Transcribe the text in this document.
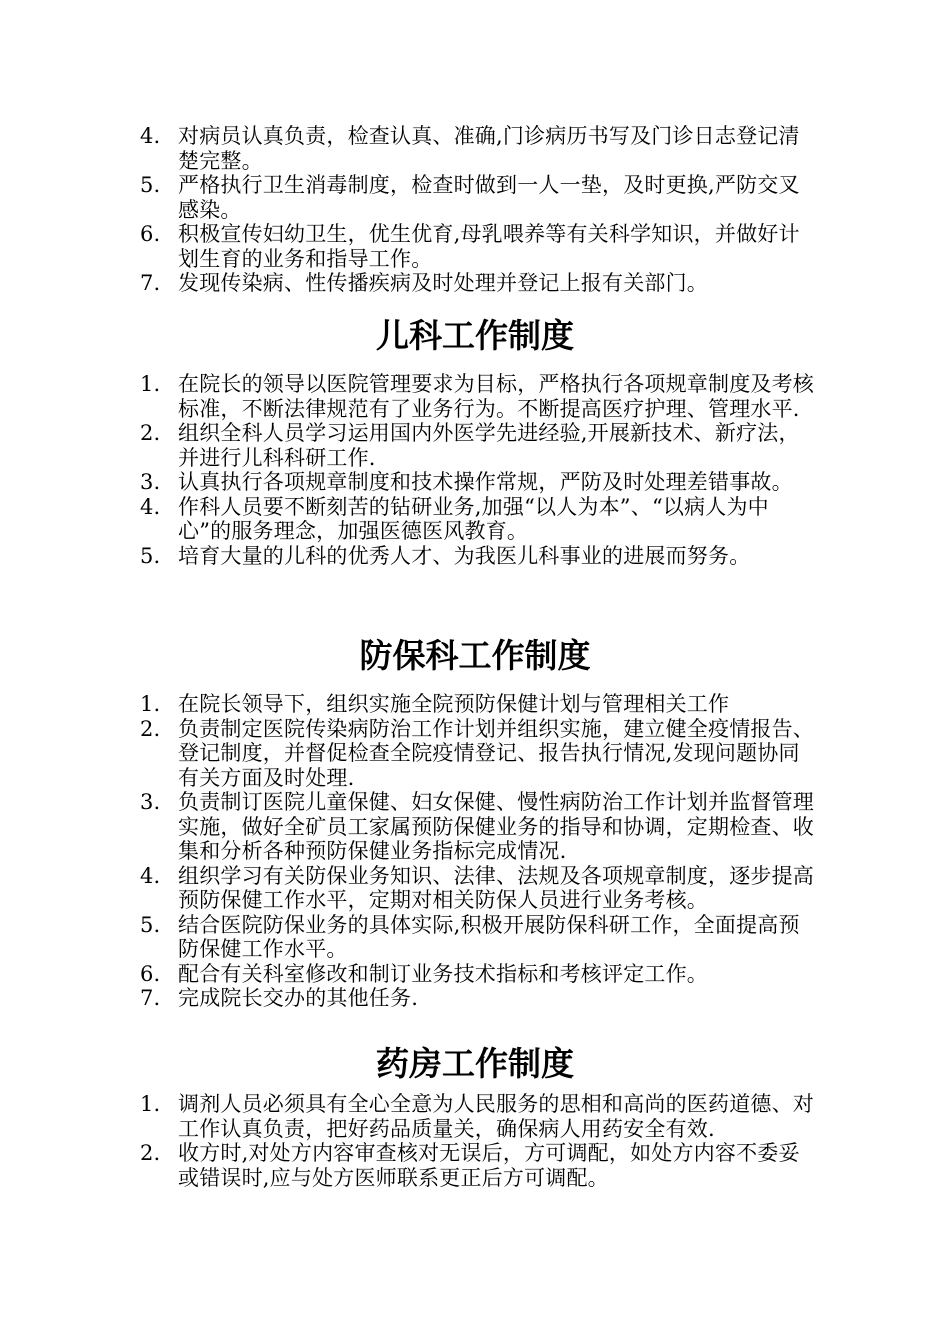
4. 对病员认真负责，检查认真、准确,门诊病历书写及门诊日志登记清楚完整。
5. 严格执行卫生消毒制度，检查时做到一人一垫，及时更换,严防交叉感染。
6. 积极宣传妇幼卫生，优生优育,母乳喂养等有关科学知识，并做好计划生育的业务和指导工作。
7. 发现传染病、性传播疾病及时处理并登记上报有关部门。
儿科工作制度
1. 在院长的领导以医院管理要求为目标，严格执行各项规章制度及考核标准，不断法律规范有了业务行为。不断提高医疗护理、管理水平.
2. 组织全科人员学习运用国内外医学先进经验,开展新技术、新疗法，并进行儿科科研工作.
3. 认真执行各项规章制度和技术操作常规，严防及时处理差错事故。
4. 作科人员要不断刻苦的钻研业务,加强“以人为本”、“以病人为中心”的服务理念，加强医德医风教育。
5. 培育大量的儿科的优秀人才、为我医儿科事业的进展而努务。
防保科工作制度
1. 在院长领导下，组织实施全院预防保健计划与管理相关工作
2. 负责制定医院传染病防治工作计划并组织实施，建立健全疫情报告、登记制度，并督促检查全院疫情登记、报告执行情况,发现问题协同有关方面及时处理.
3. 负责制订医院儿童保健、妇女保健、慢性病防治工作计划并监督管理实施，做好全矿员工家属预防保健业务的指导和协调，定期检查、收集和分析各种预防保健业务指标完成情况.
4. 组织学习有关防保业务知识、法律、法规及各项规章制度，逐步提高预防保健工作水平，定期对相关防保人员进行业务考核。
5. 结合医院防保业务的具体实际,积极开展防保科研工作，全面提高预防保健工作水平。
6. 配合有关科室修改和制订业务技术指标和考核评定工作。
7. 完成院长交办的其他任务.
药房工作制度
1. 调剂人员必须具有全心全意为人民服务的思相和高尚的医药道德、对工作认真负责，把好药品质量关，确保病人用药安全有效.
2. 收方时,对处方内容审查核对无误后，方可调配，如处方内容不委妥或错误时,应与处方医师联系更正后方可调配。
